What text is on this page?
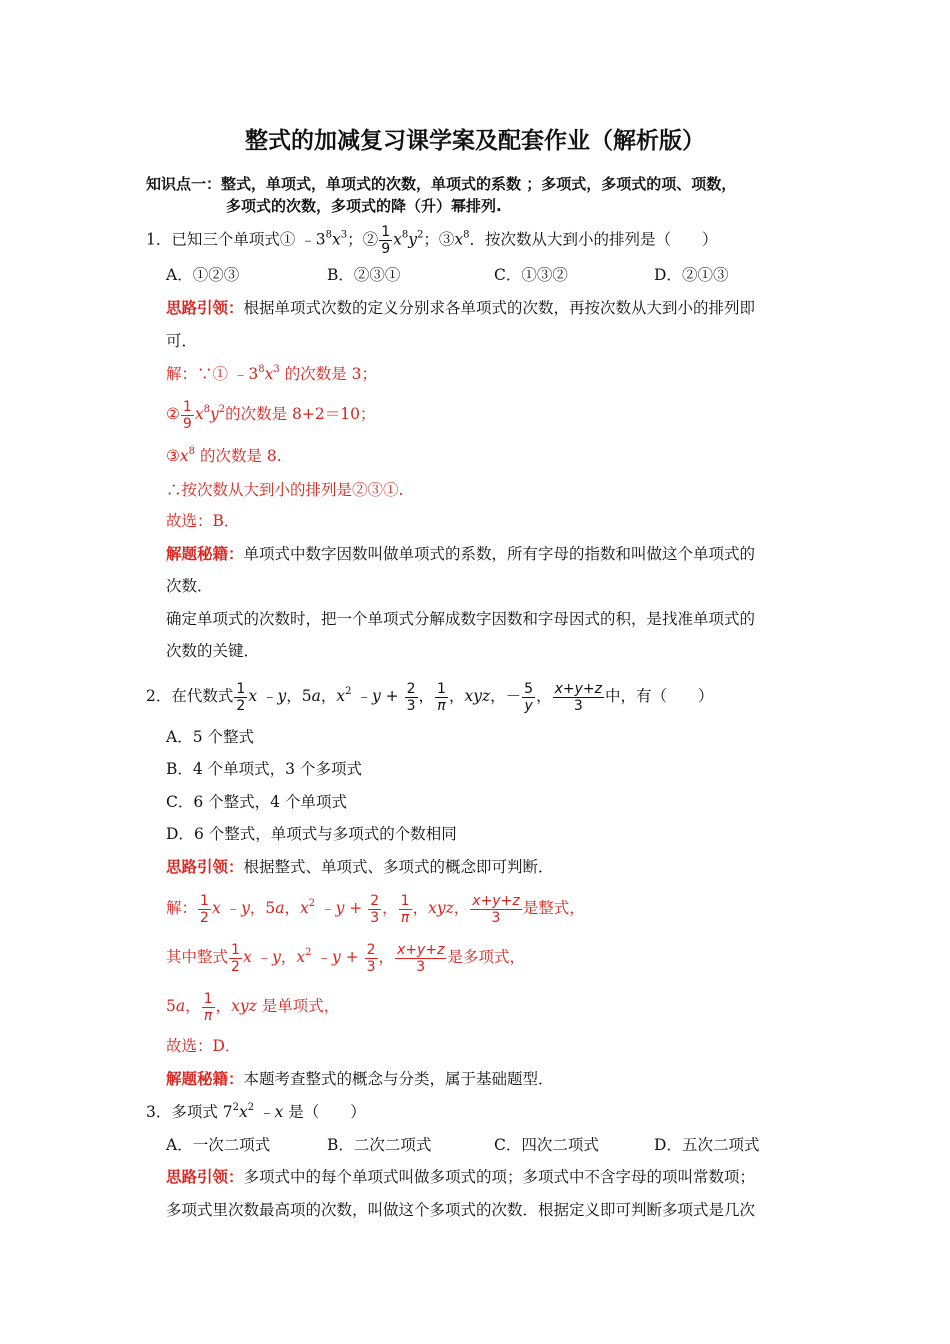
整式的加减复习课学案及配套作业（解析版）
知识点一：整式，单项式，单项式的次数，单项式的系数 ；多项式，多项式的项、项数，
多项式的次数，多项式的降（升）幂排列.
1．已知三个单项式① $﹣3^8x^3$；② $\frac{1}{9} x^8y^2$；$③x^8$．按次数从大到小的排列是（　　）
A．①②③	B．②③①	C．①③②	D．②①③
思路引领：根据单项式次数的定义分别求各单项式的次数，再按次数从大到小的排列即
可．
解：∵① $﹣3^8x^3$ 的次数是 3；
② $\frac{1}{9} x^8y^2$的次数是 8+2＝10；
$③x^8$ 的次数是 8.
∴按次数从大到小的排列是②③①.
故选：B．
解题秘籍：单项式中数字因数叫做单项式的系数，所有字母的指数和叫做这个单项式的
次数．
确定单项式的次数时，把一个单项式分解成数字因数和字母因式的积，是找准单项式的
次数的关键．
2．在代数式 $\frac{1}{2}$ x ﹣y，5a，$x^2$ ﹣y + $\frac{2}{3}$ ， $\frac{1}{\pi}$ ，xyz，－ $\frac{5}{y}$ ， $\frac{x+y+z}{3}$ 中，有（　　）
A．5 个整式
B．4 个单项式，3 个多项式
C．6 个整式，4 个单项式
D．6 个整式，单项式与多项式的个数相同
思路引领：根据整式、单项式、多项式的概念即可判断．
解： $\frac{1}{2}$ x ﹣y，5a，$x^2$ ﹣y + $\frac{2}{3}$ ， $\frac{1}{\pi}$ ，xyz， $\frac{x+y+z}{3}$ 是整式，
其中整式 $\frac{1}{2}$ x ﹣y，$x^2$ ﹣y + $\frac{2}{3}$ ， $\frac{x+y+z}{3}$ 是多项式，
5a， $\frac{1}{\pi}$ ，xyz 是单项式，
故选：D．
解题秘籍：本题考查整式的概念与分类，属于基础题型．
3．多项式 $7^2x^2$ ﹣x 是（　　）
A．一次二项式	B．二次二项式	C．四次二项式	D．五次二项式
思路引领：多项式中的每个单项式叫做多项式的项；多项式中不含字母的项叫常数项；
多项式里次数最高项的次数，叫做这个多项式的次数．根据定义即可判断多项式是几次
